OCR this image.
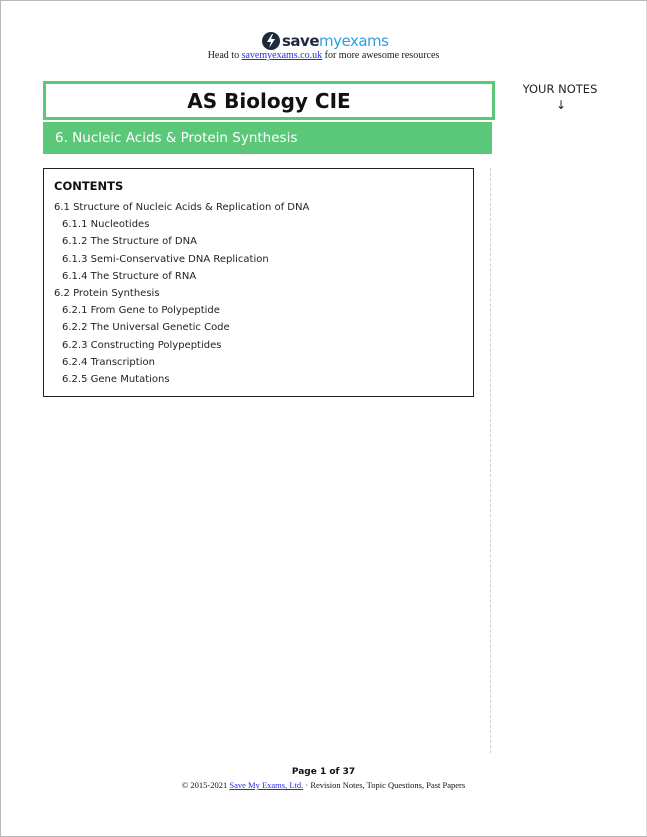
savemyexams
Head to savemyexams.co.uk for more awesome resources
AS Biology CIE
6. Nucleic Acids & Protein Synthesis
YOUR NOTES
↓
CONTENTS
6.1 Structure of Nucleic Acids & Replication of DNA
6.1.1 Nucleotides
6.1.2 The Structure of DNA
6.1.3 Semi-Conservative DNA Replication
6.1.4 The Structure of RNA
6.2 Protein Synthesis
6.2.1 From Gene to Polypeptide
6.2.2 The Universal Genetic Code
6.2.3 Constructing Polypeptides
6.2.4 Transcription
6.2.5 Gene Mutations
Page 1 of 37
© 2015-2021 Save My Exams, Ltd. · Revision Notes, Topic Questions, Past Papers
